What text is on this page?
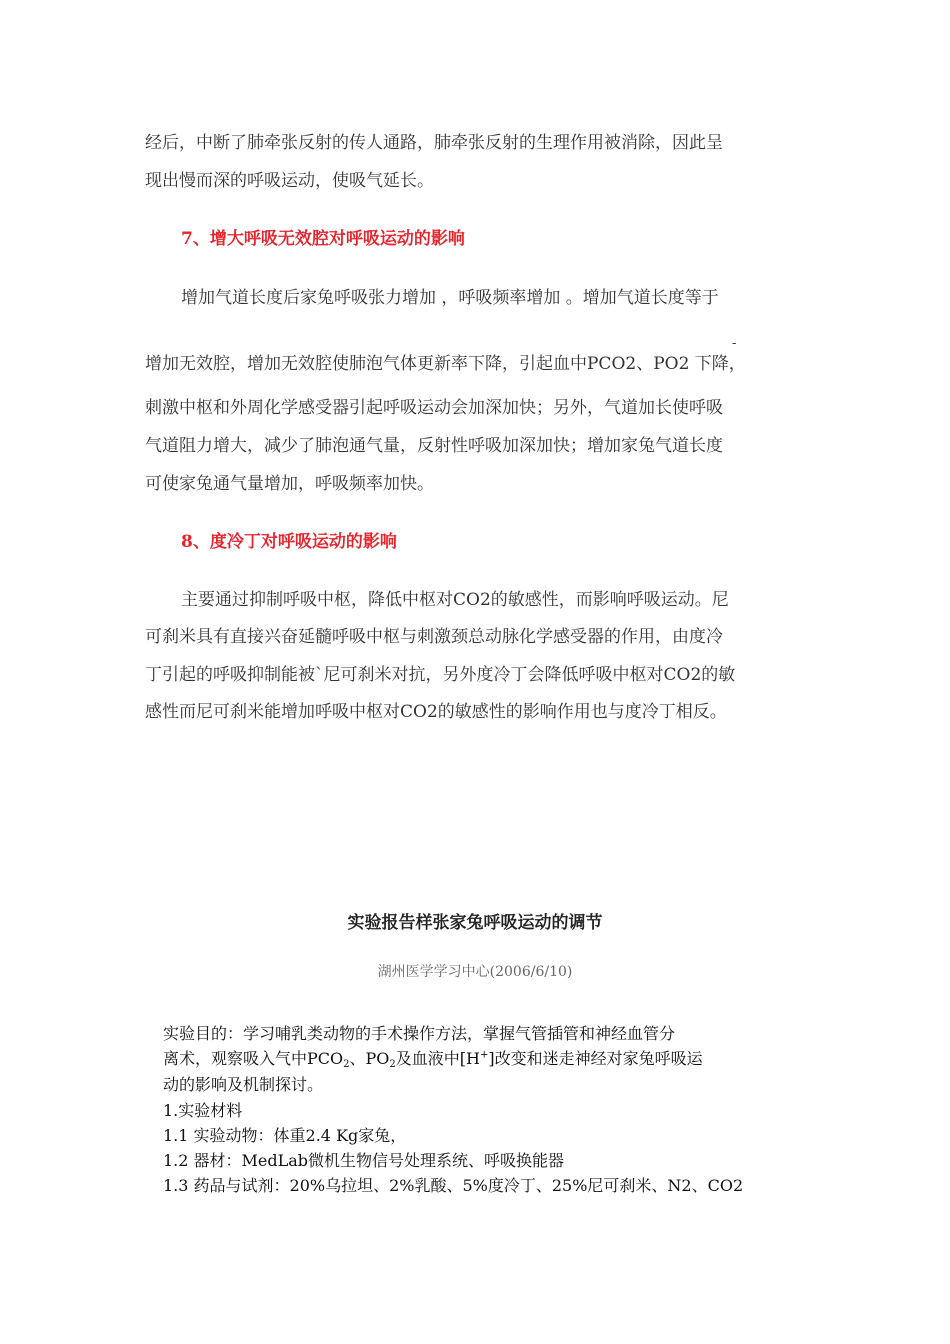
经后，中断了肺牵张反射的传人通路，肺牵张反射的生理作用被消除，因此呈
现出慢而深的呼吸运动，使吸气延长。
7、增大呼吸无效腔对呼吸运动的影响
增加气道长度后家兔呼吸张力增加 ，呼吸频率增加 。增加气道长度等于
-
增加无效腔，增加无效腔使肺泡气体更新率下降，引起血中PCO2、PO2 下降，
刺激中枢和外周化学感受器引起呼吸运动会加深加快；另外，气道加长使呼吸
气道阻力增大，减少了肺泡通气量，反射性呼吸加深加快；增加家兔气道长度
可使家兔通气量增加，呼吸频率加快。
8、度冷丁对呼吸运动的影响
主要通过抑制呼吸中枢，降低中枢对CO2的敏感性，而影响呼吸运动。尼
可刹米具有直接兴奋延髓呼吸中枢与刺激颈总动脉化学感受器的作用，由度冷
丁引起的呼吸抑制能被`尼可刹米对抗，另外度冷丁会降低呼吸中枢对CO2的敏
感性而尼可刹米能增加呼吸中枢对CO2的敏感性的影响作用也与度冷丁相反。
实验报告样张家兔呼吸运动的调节
湖州医学学习中心(2006/6/10)
实验目的：学习哺乳类动物的手术操作方法，掌握气管插管和神经血管分
离术，观察吸入气中$PCO_2$、$PO_2$及血液中[H+]改变和迷走神经对家兔呼吸运
动的影响及机制探讨。
1.实验材料
1.1 实验动物：体重2.4 Kg家兔，
1.2 器材：MedLab微机生物信号处理系统、呼吸换能器
1.3 药品与试剂：20%乌拉坦、2%乳酸、5%度冷丁、25%尼可刹米、N2、CO2
